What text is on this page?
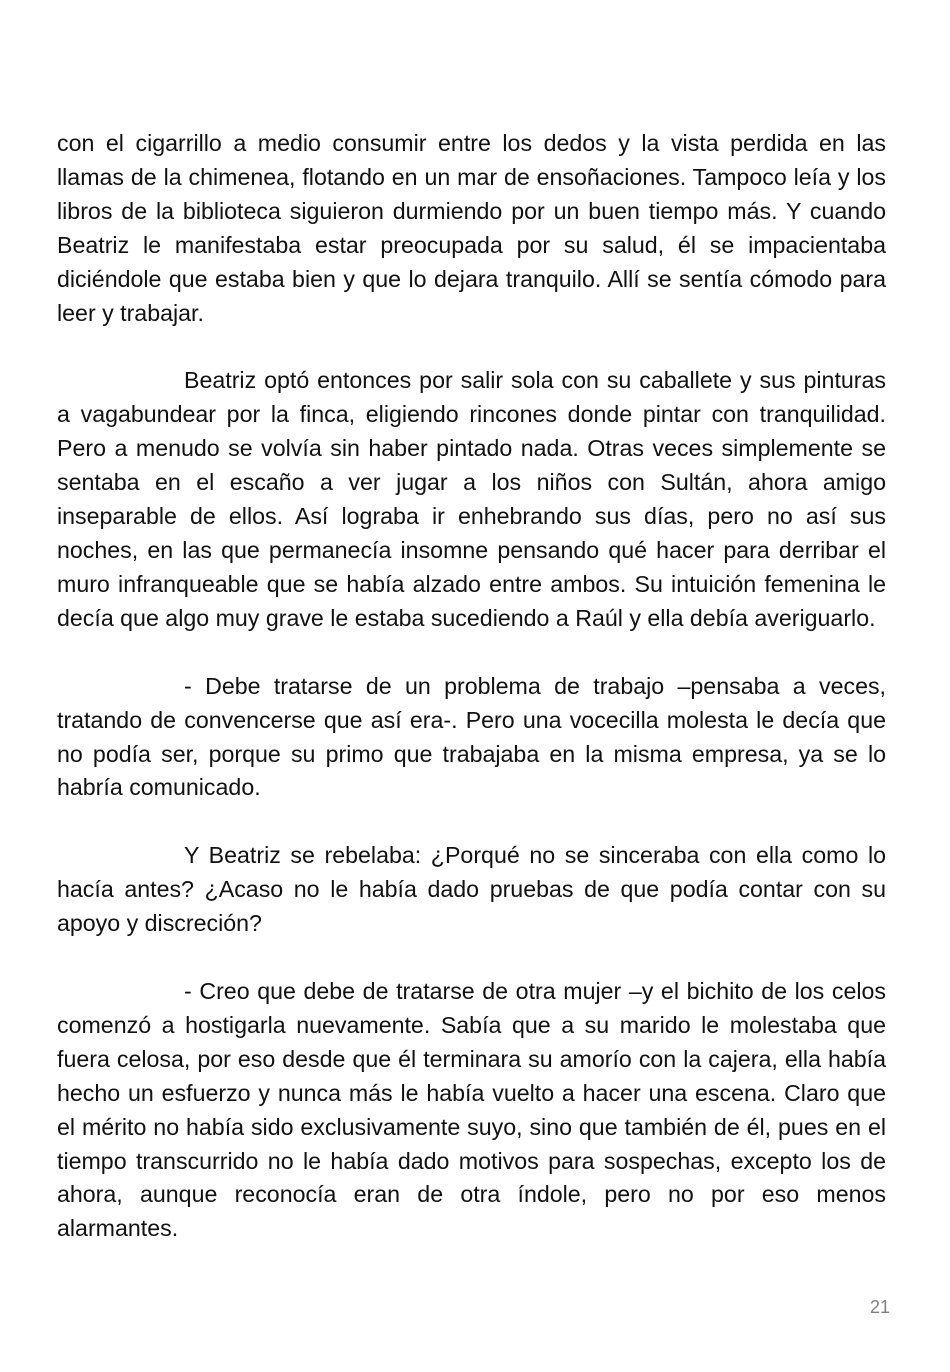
con el cigarrillo a medio consumir entre los dedos y la vista perdida en las llamas de la chimenea, flotando en un mar de ensoñaciones. Tampoco leía y los libros de la biblioteca siguieron durmiendo por un buen tiempo más. Y cuando Beatriz le manifestaba estar preocupada por su salud, él se impacientaba diciéndole que estaba bien y que lo dejara tranquilo. Allí se sentía cómodo para leer y trabajar.

Beatriz optó entonces por salir sola con su caballete y sus pinturas a vagabundear por la finca, eligiendo rincones donde pintar con tranquilidad. Pero a menudo se volvía sin haber pintado nada. Otras veces simplemente se sentaba en el escaño a ver jugar a los niños con Sultán, ahora amigo inseparable de ellos. Así lograba ir enhebrando sus días, pero no así sus noches, en las que permanecía insomne pensando qué hacer para derribar el muro infranqueable que se había alzado entre ambos. Su intuición femenina le decía que algo muy grave le estaba sucediendo a Raúl y ella debía averiguarlo.

- Debe tratarse de un problema de trabajo –pensaba a veces, tratando de convencerse que así era-. Pero una vocecilla molesta le decía que no podía ser, porque su primo que trabajaba en la misma empresa, ya se lo habría comunicado.

Y Beatriz se rebelaba: ¿Porqué no se sinceraba con ella como lo hacía antes? ¿Acaso no le había dado pruebas de que podía contar con su apoyo y discreción?

- Creo que debe de tratarse de otra mujer –y el bichito de los celos comenzó a hostigarla nuevamente. Sabía que a su marido le molestaba que fuera celosa, por eso desde que él terminara su amorío con la cajera, ella había hecho un esfuerzo y nunca más le había vuelto a hacer una escena. Claro que el mérito no había sido exclusivamente suyo, sino que también de él, pues en el tiempo transcurrido no le había dado motivos para sospechas, excepto los de ahora, aunque reconocía eran de otra índole, pero no por eso menos alarmantes.

21
